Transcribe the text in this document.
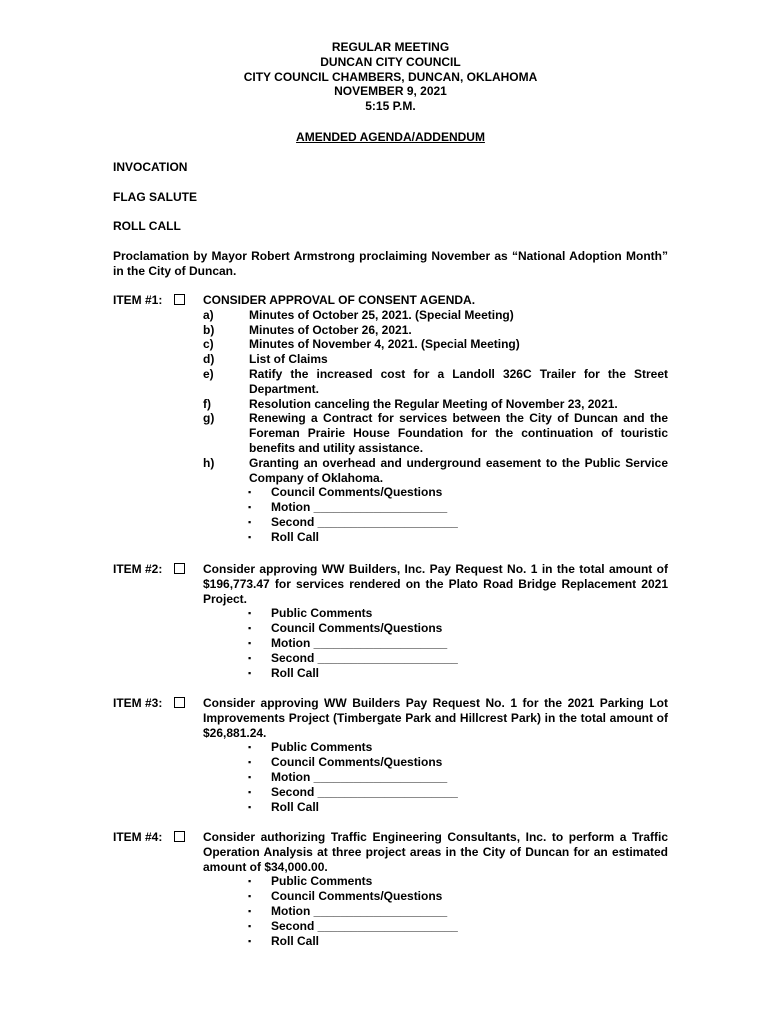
REGULAR MEETING
DUNCAN CITY COUNCIL
CITY COUNCIL CHAMBERS, DUNCAN, OKLAHOMA
NOVEMBER 9, 2021
5:15 P.M.
AMENDED AGENDA/ADDENDUM
INVOCATION
FLAG SALUTE
ROLL CALL
Proclamation by Mayor Robert Armstrong proclaiming November as “National Adoption Month” in the City of Duncan.
ITEM #1:	CONSIDER APPROVAL OF CONSENT AGENDA.
a)	Minutes of October 25, 2021. (Special Meeting)
b)	Minutes of October 26, 2021.
c)	Minutes of November 4, 2021. (Special Meeting)
d)	List of Claims
e)	Ratify the increased cost for a Landoll 326C Trailer for the Street Department.
f)	Resolution canceling the Regular Meeting of November 23, 2021.
g)	Renewing a Contract for services between the City of Duncan and the Foreman Prairie House Foundation for the continuation of touristic benefits and utility assistance.
h)	Granting an overhead and underground easement to the Public Service Company of Oklahoma.
▪ Council Comments/Questions
▪ Motion ____________________
▪ Second _____________________
▪ Roll Call
ITEM #2:	Consider approving WW Builders, Inc. Pay Request No. 1 in the total amount of $196,773.47 for services rendered on the Plato Road Bridge Replacement 2021 Project.
▪ Public Comments
▪ Council Comments/Questions
▪ Motion ____________________
▪ Second _____________________
▪ Roll Call
ITEM #3:	Consider approving WW Builders Pay Request No. 1 for the 2021 Parking Lot Improvements Project (Timbergate Park and Hillcrest Park) in the total amount of $26,881.24.
▪ Public Comments
▪ Council Comments/Questions
▪ Motion ____________________
▪ Second _____________________
▪ Roll Call
ITEM #4:	Consider authorizing Traffic Engineering Consultants, Inc. to perform a Traffic Operation Analysis at three project areas in the City of Duncan for an estimated amount of $34,000.00.
▪ Public Comments
▪ Council Comments/Questions
▪ Motion ____________________
▪ Second _____________________
▪ Roll Call
